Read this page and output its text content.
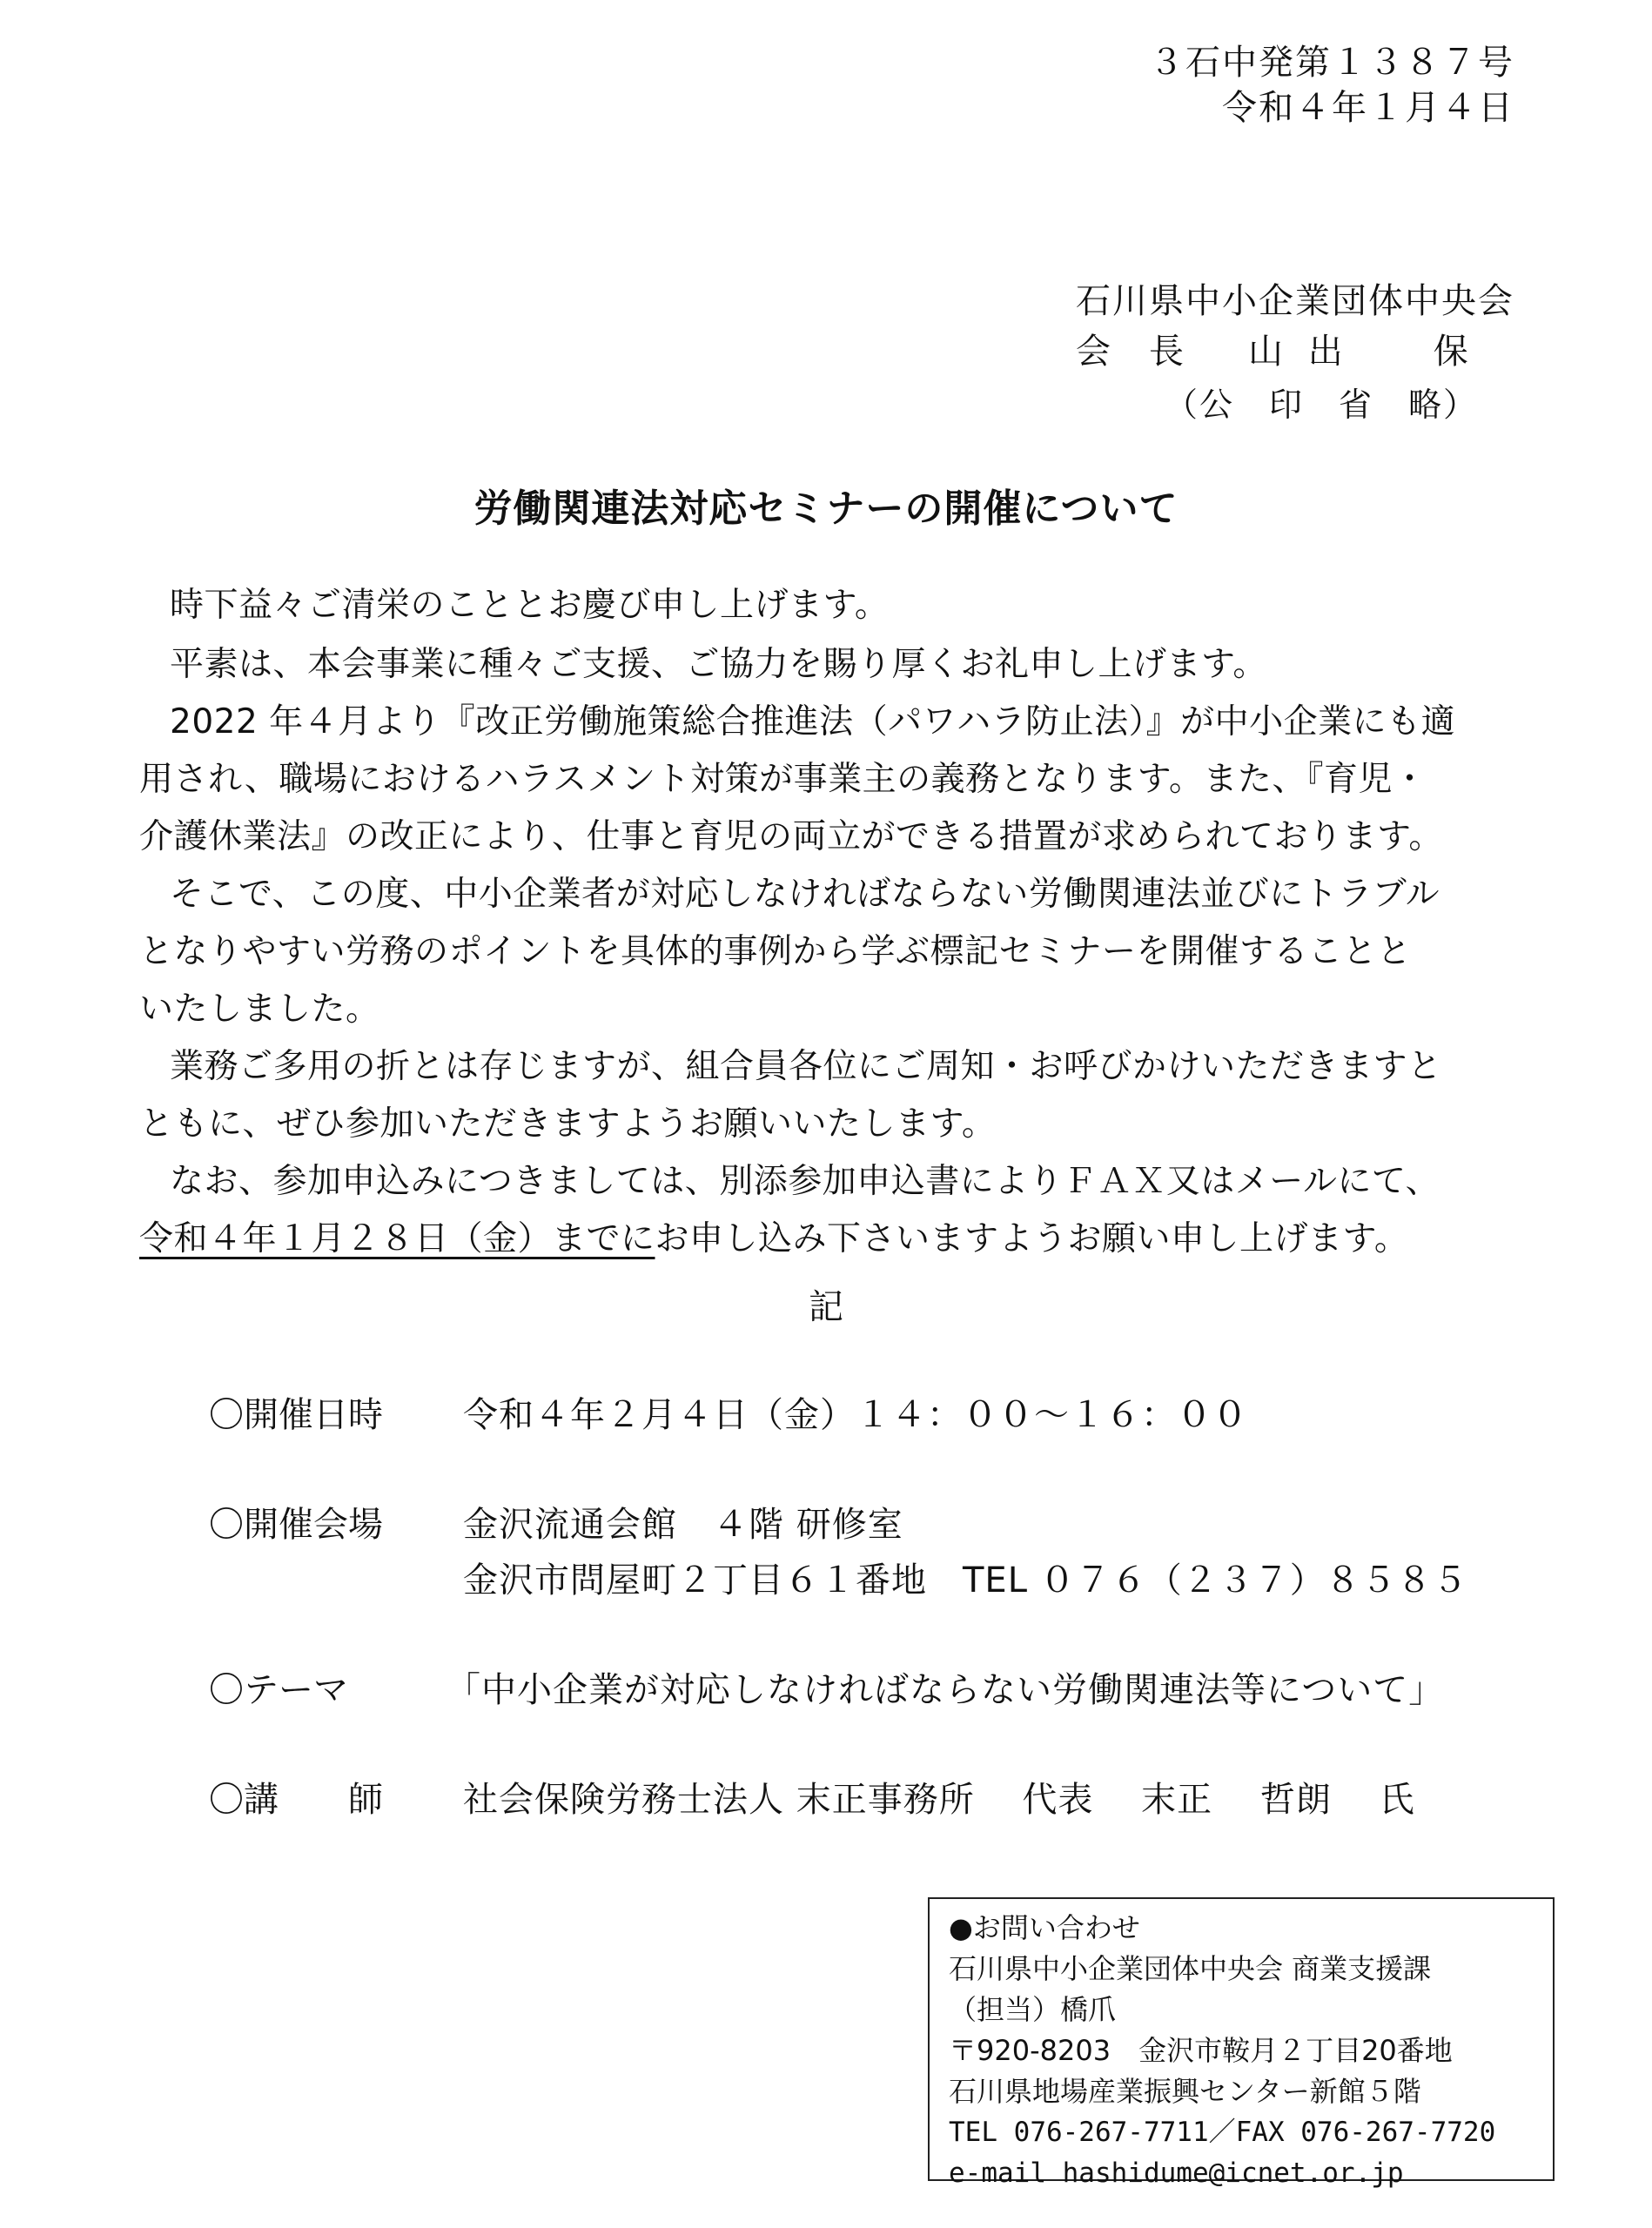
３石中発第１３８７号
令和４年１月４日
石川県中小企業団体中央会
会　長 山 出　　保
（公　印　省　略）
労働関連法対応セミナーの開催について
時下益々ご清栄のこととお慶び申し上げます。
平素は、本会事業に種々ご支援、ご協力を賜り厚くお礼申し上げます。
2022 年４月より『改正労働施策総合推進法（パワハラ防止法）』が中小企業にも適
用され、職場におけるハラスメント対策が事業主の義務となります。また、『育児・
介護休業法』の改正により、仕事と育児の両立ができる措置が求められております。
そこで、この度、中小企業者が対応しなければならない労働関連法並びにトラブル
となりやすい労務のポイントを具体的事例から学ぶ標記セミナーを開催することと
いたしました。
業務ご多用の折とは存じますが、組合員各位にご周知・お呼びかけいただきますと
ともに、ぜひ参加いただきますようお願いいたします。
なお、参加申込みにつきましては、別添参加申込書によりＦＡＸ又はメールにて、
令和４年１月２８日（金）までにお申し込み下さいますようお願い申し上げます。
記
〇開催日時 令和４年２月４日（金）１４：００～１６：００
〇開催会場 金沢流通会館　４階 研修室
金沢市問屋町２丁目６１番地　TEL ０７６（２３７）８５８５
〇テーマ	「中小企業が対応しなければならない労働関連法等について」
〇講　　師 社会保険労務士法人 末正事務所　 代表　 末正　 哲朗　 氏
●お問い合わせ
石川県中小企業団体中央会 商業支援課
（担当）橋爪
〒920-8203　金沢市鞍月２丁目20番地
石川県地場産業振興センター新館５階
TEL 076-267-7711／FAX 076-267-7720
e-mail hashidume@icnet.or.jp
